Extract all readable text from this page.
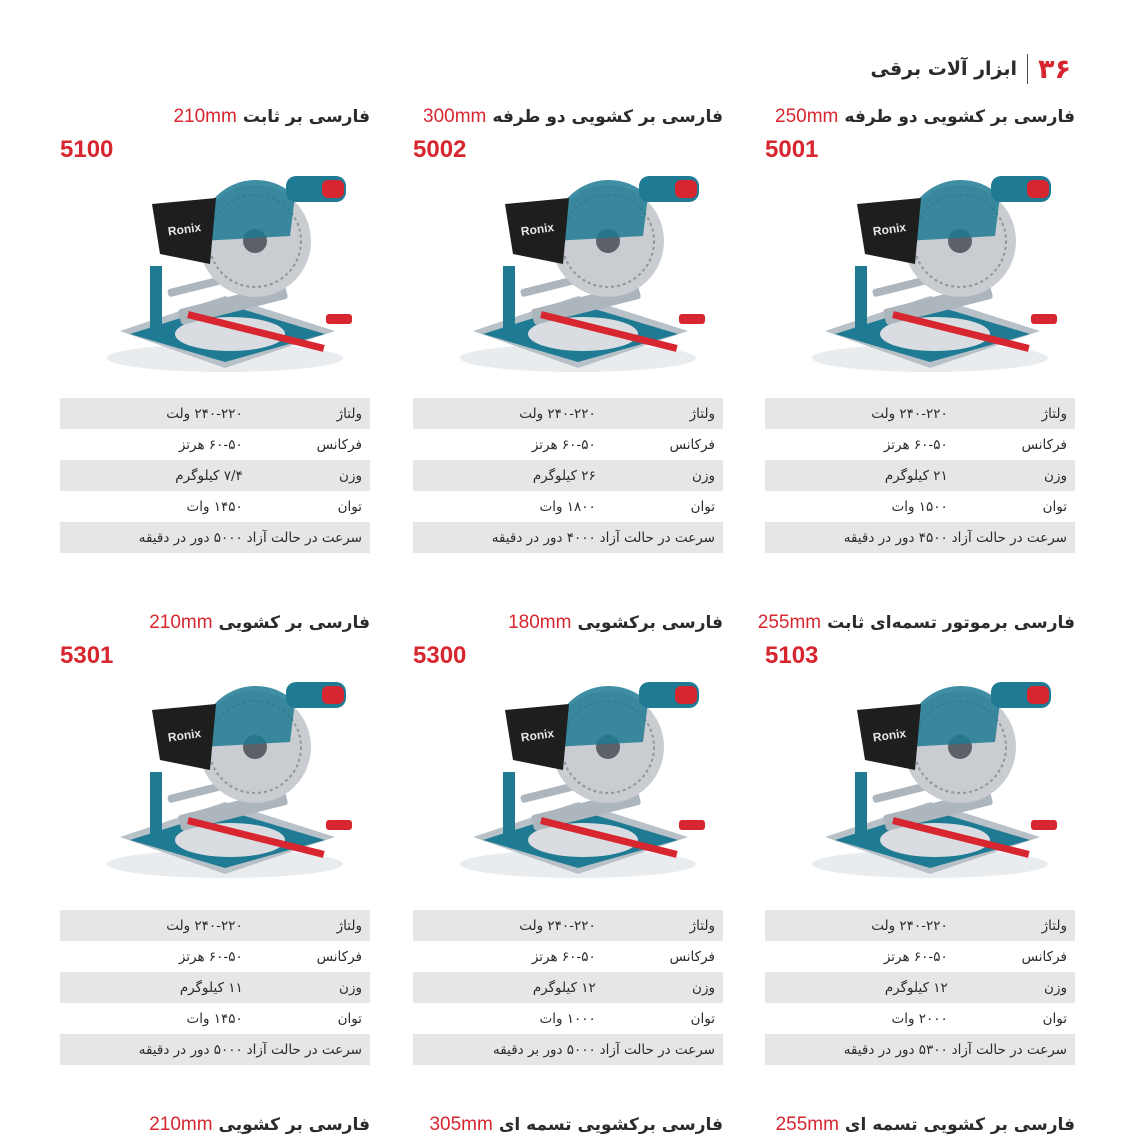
۳۶
ابزار آلات برقی
فارسی بر ثابت210mm
5100
ولتاژ
۲۴۰-۲۲۰ ولت
فرکانس
۶۰-۵۰ هرتز
وزن
۷/۴ کیلوگرم
توان
۱۴۵۰ وات
سرعت در حالت آزاد
۵۰۰۰ دور در دقیقه
فارسی بر کشویی دو طرفه300mm
5002
ولتاژ
۲۴۰-۲۲۰ ولت
فرکانس
۶۰-۵۰ هرتز
وزن
۲۶ کیلوگرم
توان
۱۸۰۰ وات
سرعت در حالت آزاد
۴۰۰۰ دور در دقیقه
فارسی بر کشویی دو طرفه250mm
5001
ولتاژ
۲۴۰-۲۲۰ ولت
فرکانس
۶۰-۵۰ هرتز
وزن
۲۱ کیلوگرم
توان
۱۵۰۰ وات
سرعت در حالت آزاد
۴۵۰۰ دور در دقیقه
فارسی بر کشویی210mm
5301
ولتاژ
۲۴۰-۲۲۰ ولت
فرکانس
۶۰-۵۰ هرتز
وزن
۱۱ کیلوگرم
توان
۱۴۵۰ وات
سرعت در حالت آزاد
۵۰۰۰ دور در دقیقه
فارسی برکشویی180mm
5300
ولتاژ
۲۴۰-۲۲۰ ولت
فرکانس
۶۰-۵۰ هرتز
وزن
۱۲ کیلوگرم
توان
۱۰۰۰ وات
سرعت در حالت آزاد
۵۰۰۰ دور بر دقیقه
فارسی برموتور تسمه‌ای ثابت255mm
5103
ولتاژ
۲۴۰-۲۲۰ ولت
فرکانس
۶۰-۵۰ هرتز
وزن
۱۲ کیلوگرم
توان
۲۰۰۰ وات
سرعت در حالت آزاد
۵۳۰۰ دور در دقیقه
فارسی بر کشویی210mm	فارسی برکشویی تسمه ای305mm	فارسی بر کشویی تسمه ای255mm
